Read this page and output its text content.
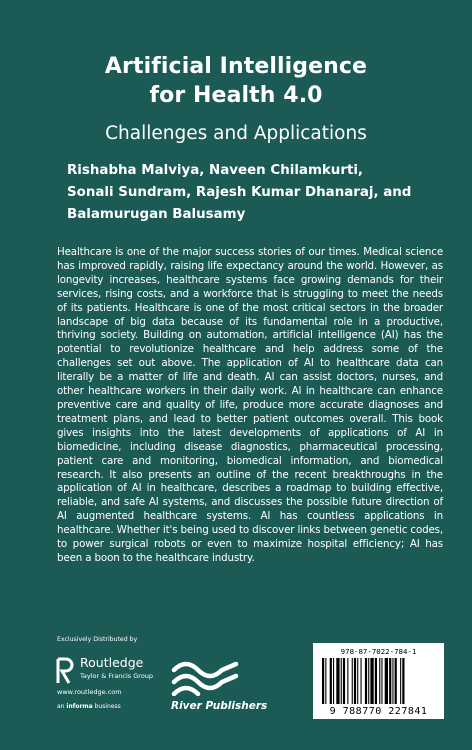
Artificial Intelligence
for Health 4.0
Challenges and Applications
Rishabha Malviya, Naveen Chilamkurti,
Sonali Sundram, Rajesh Kumar Dhanaraj, and
Balamurugan Balusamy
Healthcare is one of the major success stories of our times. Medical science has improved rapidly, raising life expectancy around the world. However, as longevity increases, healthcare systems face growing demands for their services, rising costs, and a workforce that is struggling to meet the needs of its patients. Healthcare is one of the most critical sectors in the broader landscape of big data because of its fundamental role in a productive, thriving society. Building on automation, artificial intelligence (AI) has the potential to revolutionize healthcare and help address some of the challenges set out above. The application of AI to healthcare data can literally be a matter of life and death. AI can assist doctors, nurses, and other healthcare workers in their daily work. AI in healthcare can enhance preventive care and quality of life, produce more accurate diagnoses and treatment plans, and lead to better patient outcomes overall. This book gives insights into the latest developments of applications of AI in biomedicine, including disease diagnostics, pharmaceutical processing, patient care and monitoring, biomedical information, and biomedical research. It also presents an outline of the recent breakthroughs in the application of AI in healthcare, describes a roadmap to building effective, reliable, and safe AI systems, and discusses the possible future direction of AI augmented healthcare systems. AI has countless applications in healthcare. Whether it's being used to discover links between genetic codes, to power surgical robots or even to maximize hospital efficiency; AI has been a boon to the healthcare industry.
Exclusively Distributed by
Routledge
Taylor & Francis Group
www.routledge.com
an informa business	River Publishers
978-87-7022-784-1
9 788770 227841
